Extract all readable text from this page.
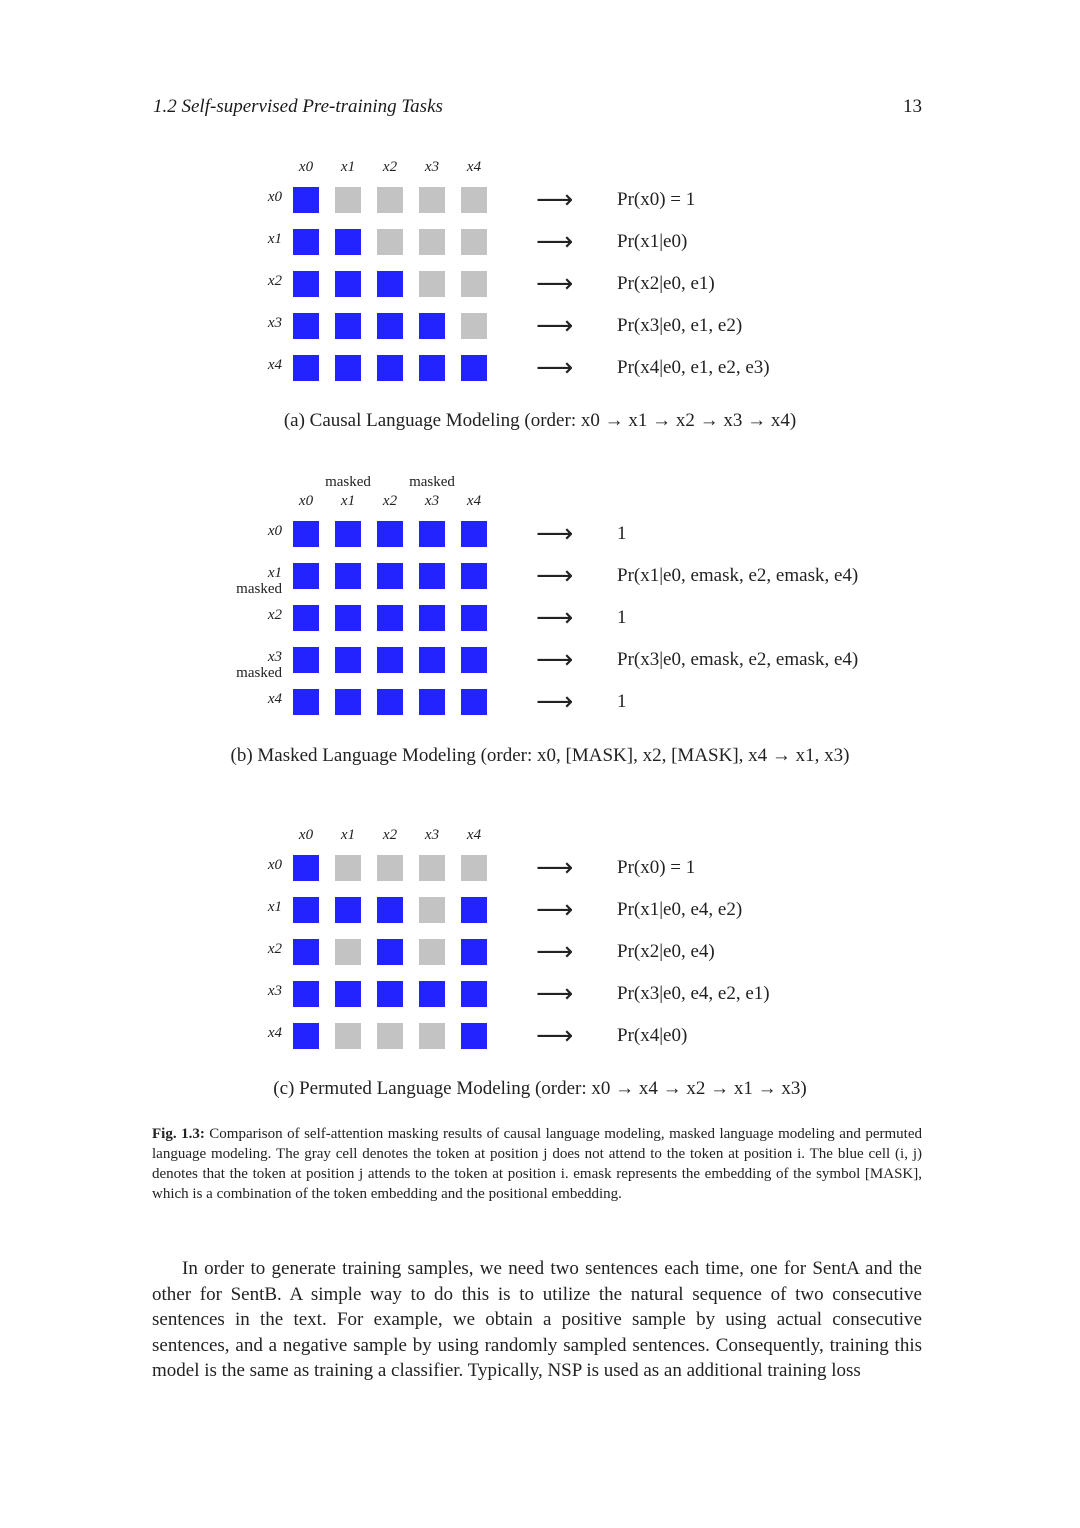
1.2 Self-supervised Pre-training Tasks	13
x0	x1	x2	x3	x4
x0	⟶ Pr(x0) = 1
x1	⟶ Pr(x1|e0)
x2	⟶ Pr(x2|e0, e1)
x3	⟶ Pr(x3|e0, e1, e2)
x4	⟶ Pr(x4|e0, e1, e2, e3)
(a) Causal Language Modeling (order: x0 → x1 → x2 → x3 → x4)
x0	x1
masked
x2	x3
masked
x4
x0	⟶ 1
x1
masked	⟶ Pr(x1|e0, emask, e2, emask, e4)
x2	⟶ 1
x3
masked	⟶ Pr(x3|e0, emask, e2, emask, e4)
x4	⟶ 1
(b) Masked Language Modeling (order: x0, [MASK], x2, [MASK], x4 → x1, x3)
x0	x1	x2	x3	x4
x0	⟶ Pr(x0) = 1
x1	⟶ Pr(x1|e0, e4, e2)
x2	⟶ Pr(x2|e0, e4)
x3	⟶ Pr(x3|e0, e4, e2, e1)
x4	⟶ Pr(x4|e0)
(c) Permuted Language Modeling (order: x0 → x4 → x2 → x1 → x3)
Fig. 1.3: Comparison of self-attention masking results of causal language modeling, masked language modeling and permuted language modeling. The gray cell denotes the token at position j does not attend to the token at position i. The blue cell (i, j) denotes that the token at position j attends to the token at position i. emask represents the embedding of the symbol [MASK], which is a combination of the token embedding and the positional embedding.

In order to generate training samples, we need two sentences each time, one for SentA and the other for SentB. A simple way to do this is to utilize the natural sequence of two consecutive sentences in the text. For example, we obtain a positive sample by using actual consecutive sentences, and a negative sample by using randomly sampled sentences. Consequently, training this model is the same as training a classifier. Typically, NSP is used as an additional training loss
